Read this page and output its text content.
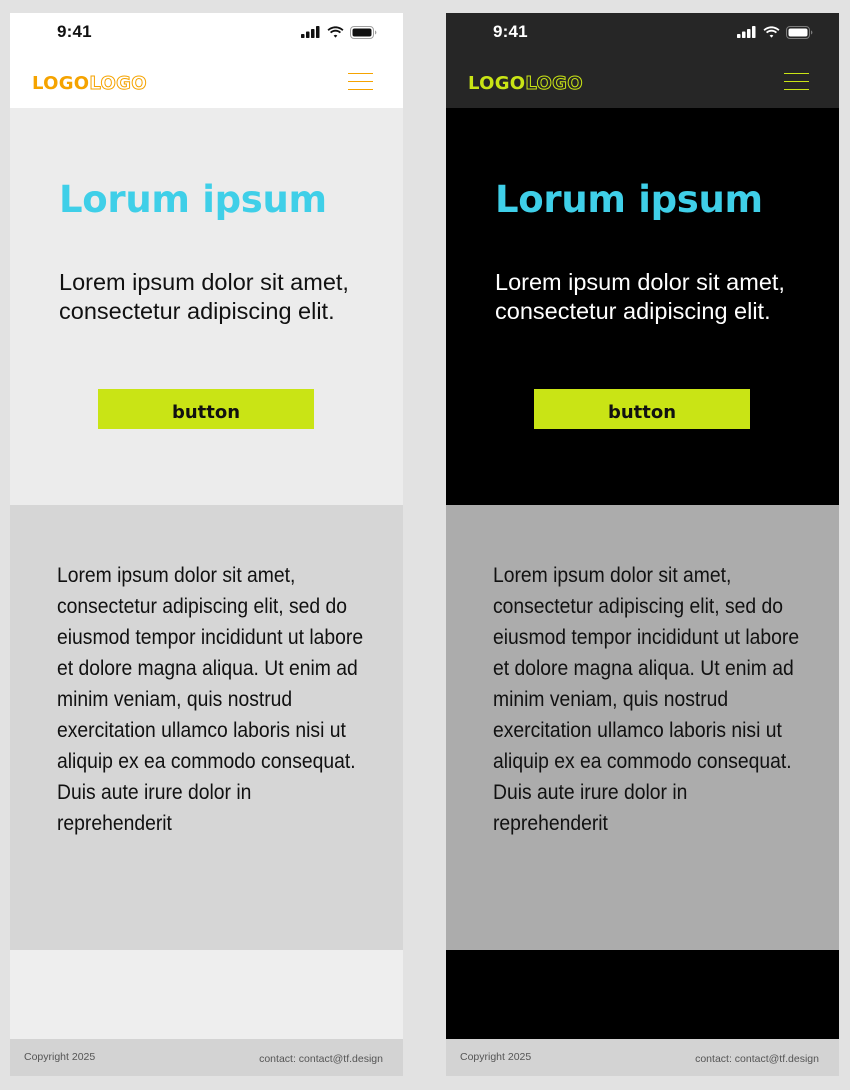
9:41
LOGOLOGO
Lorum ipsum
Lorem ipsum dolor sit amet, consectetur adipiscing elit.
button
Lorem ipsum dolor sit amet, consectetur adipiscing elit, sed do eiusmod tempor incididunt ut labore et dolore magna aliqua. Ut enim ad minim veniam, quis nostrud exercitation ullamco laboris nisi ut aliquip ex ea commodo consequat. Duis aute irure dolor in reprehenderit
Copyright 2025	contact: contact@tf.design
9:41
LOGOLOGO
Lorum ipsum
Lorem ipsum dolor sit amet, consectetur adipiscing elit.
button
Lorem ipsum dolor sit amet, consectetur adipiscing elit, sed do eiusmod tempor incididunt ut labore et dolore magna aliqua. Ut enim ad minim veniam, quis nostrud exercitation ullamco laboris nisi ut aliquip ex ea commodo consequat. Duis aute irure dolor in reprehenderit
Copyright 2025	contact: contact@tf.design
